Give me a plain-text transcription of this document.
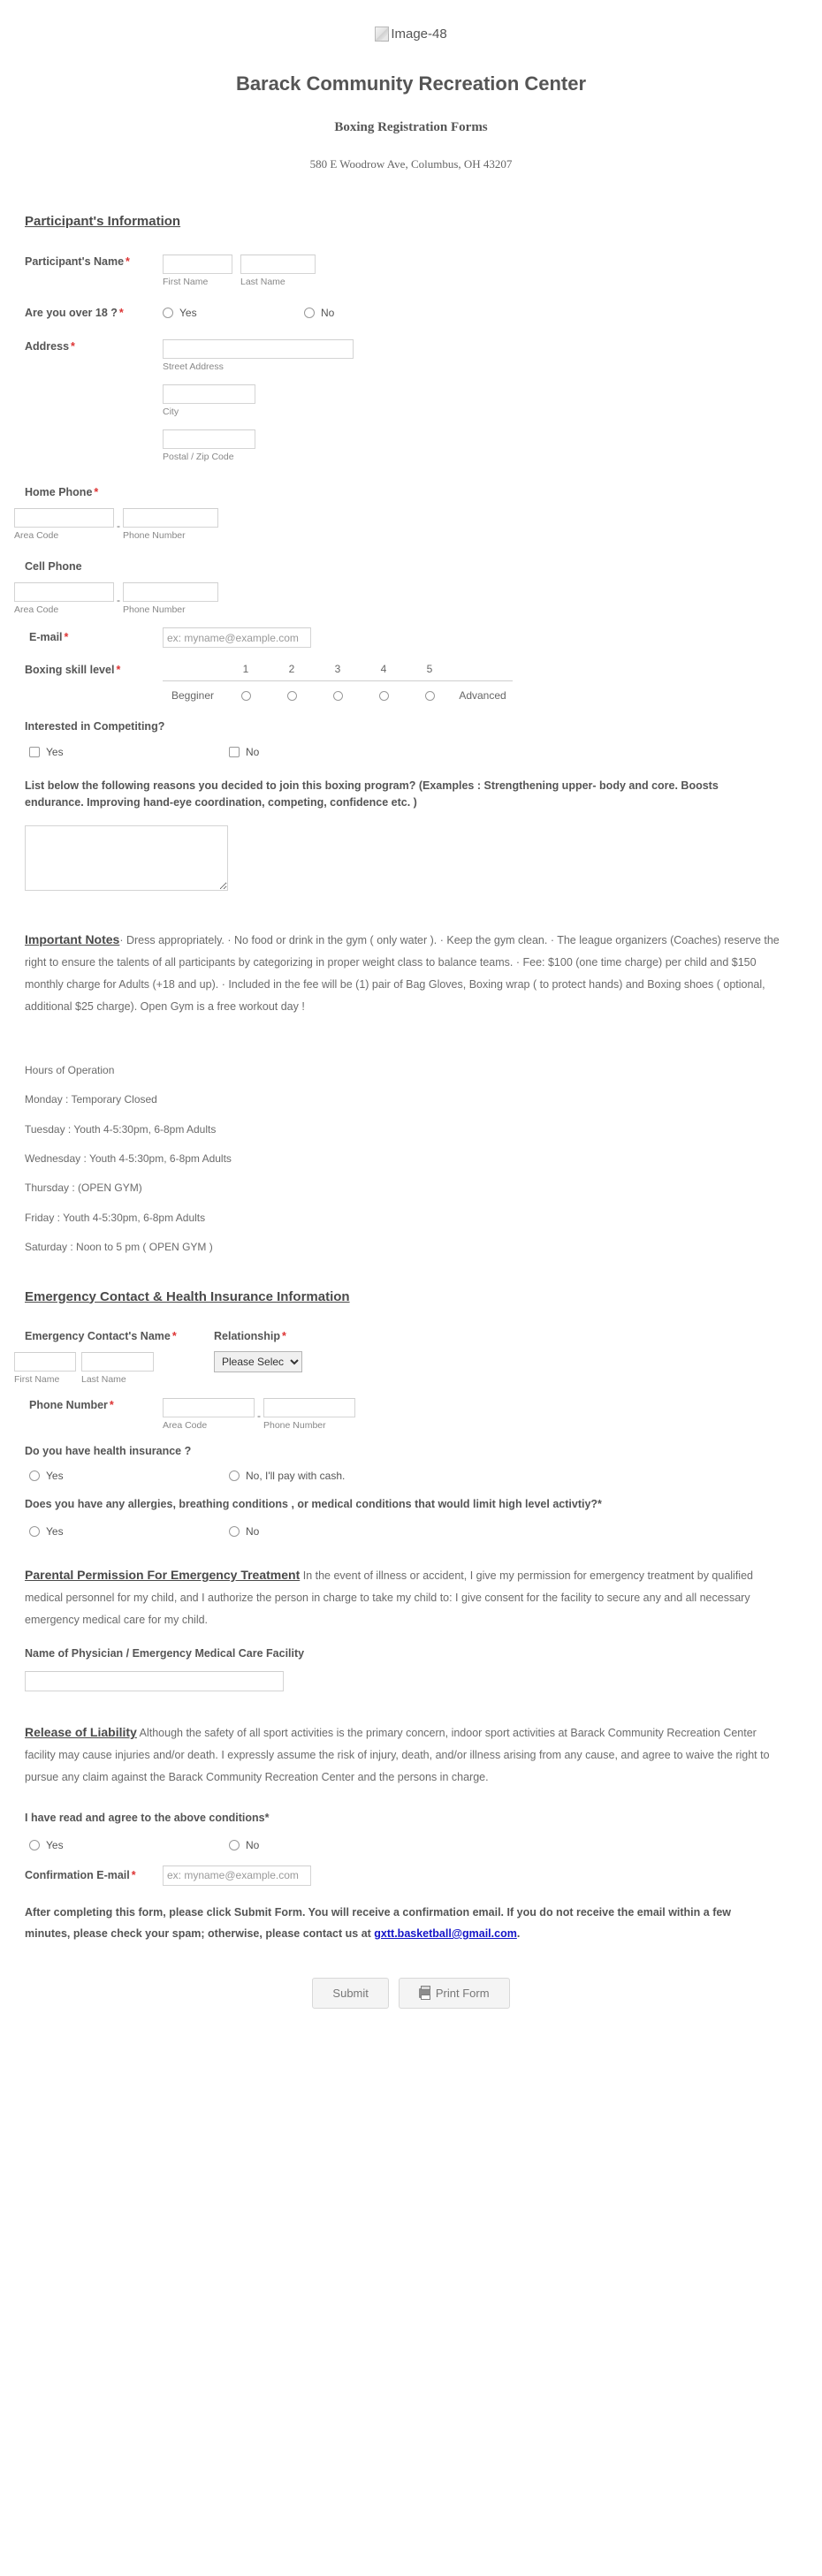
Image-48
Barack Community Recreation Center
Boxing Registration Forms
580 E Woodrow Ave, Columbus, OH 43207
Participant's Information
Participant's Name *
First Name	Last Name
Are you over 18 ? *	Yes	No
Address *
Street Address
City
Postal / Zip Code
Home Phone *
Area Code
-
Phone Number
Cell Phone
Area Code
-
Phone Number
E-mail *
ex: myname@example.com
Boxing skill level *	1	2	3	4	5
Begginer	Advanced
Interested in Competiting?
Yes	No
List below the following reasons you decided to join this boxing program? (Examples : Strengthening upper- body and core. Boosts endurance. Improving hand-eye coordination, competing, confidence etc. )

Important Notes· Dress appropriately. · No food or drink in the gym ( only water ). · Keep the gym clean. · The league organizers (Coaches) reserve the right to ensure the talents of all participants by categorizing in proper weight class to balance teams. · Fee: $100 (one time charge) per child and $150 monthly charge for Adults (+18 and up). · Included in the fee will be (1) pair of Bag Gloves, Boxing wrap ( to protect hands) and Boxing shoes ( optional, additional $25 charge). Open Gym is a free workout day !

Hours of Operation
Monday : Temporary Closed
Tuesday : Youth 4-5:30pm, 6-8pm Adults
Wednesday : Youth 4-5:30pm, 6-8pm Adults
Thursday : (OPEN GYM)
Friday : Youth 4-5:30pm, 6-8pm Adults
Saturday : Noon to 5 pm ( OPEN GYM )
Emergency Contact & Health Insurance Information
Emergency Contact's Name *
First Name	Last Name
Relationship *
Please Select
Phone Number *
Area Code
-
Phone Number
Do you have health insurance ?
Yes	No, I'll pay with cash.
Does you have any allergies, breathing conditions , or medical conditions that would limit high level activtiy?*
Yes	No

Parental Permission For Emergency Treatment In the event of illness or accident, I give my permission for emergency treatment by qualified medical personnel for my child, and I authorize the person in charge to take my child to: I give consent for the facility to secure any and all necessary emergency medical care for my child.

Name of Physician / Emergency Medical Care Facility

Release of Liability Although the safety of all sport activities is the primary concern, indoor sport activities at Barack Community Recreation Center facility may cause injuries and/or death. I expressly assume the risk of injury, death, and/or illness arising from any cause, and agree to waive the right to pursue any claim against the Barack Community Recreation Center and the persons in charge.

I have read and agree to the above conditions*
Yes	No
Confirmation E-mail *
ex: myname@example.com

After completing this form, please click Submit Form. You will receive a confirmation email. If you do not receive the email within a few minutes, please check your spam; otherwise, please contact us at gxtt.basketball@gmail.com.

Submit	Print Form
